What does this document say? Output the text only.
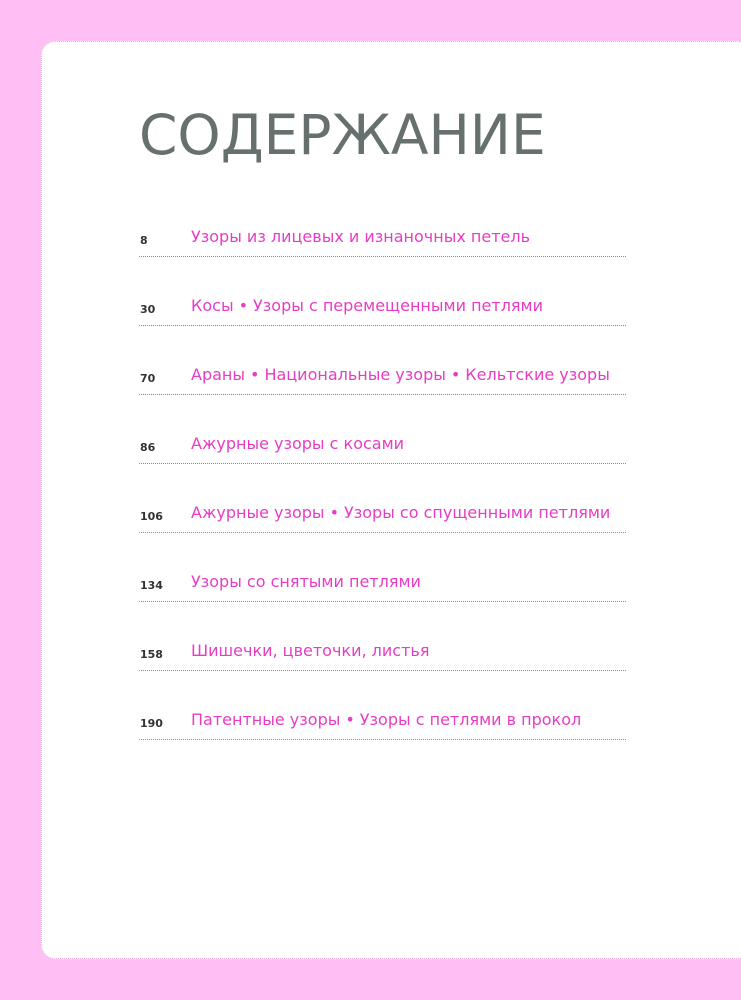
СОДЕРЖАНИЕ
8	Узоры из лицевых и изнаночных петель
30 Косы • Узоры с перемещенными петлями
70 Араны • Национальные узоры • Кельтские узоры
86 Ажурные узоры с косами
106 Ажурные узоры • Узоры со спущенными петлями
134 Узоры со снятыми петлями
158 Шишечки, цветочки, листья
190 Патентные узоры • Узоры с петлями в прокол
